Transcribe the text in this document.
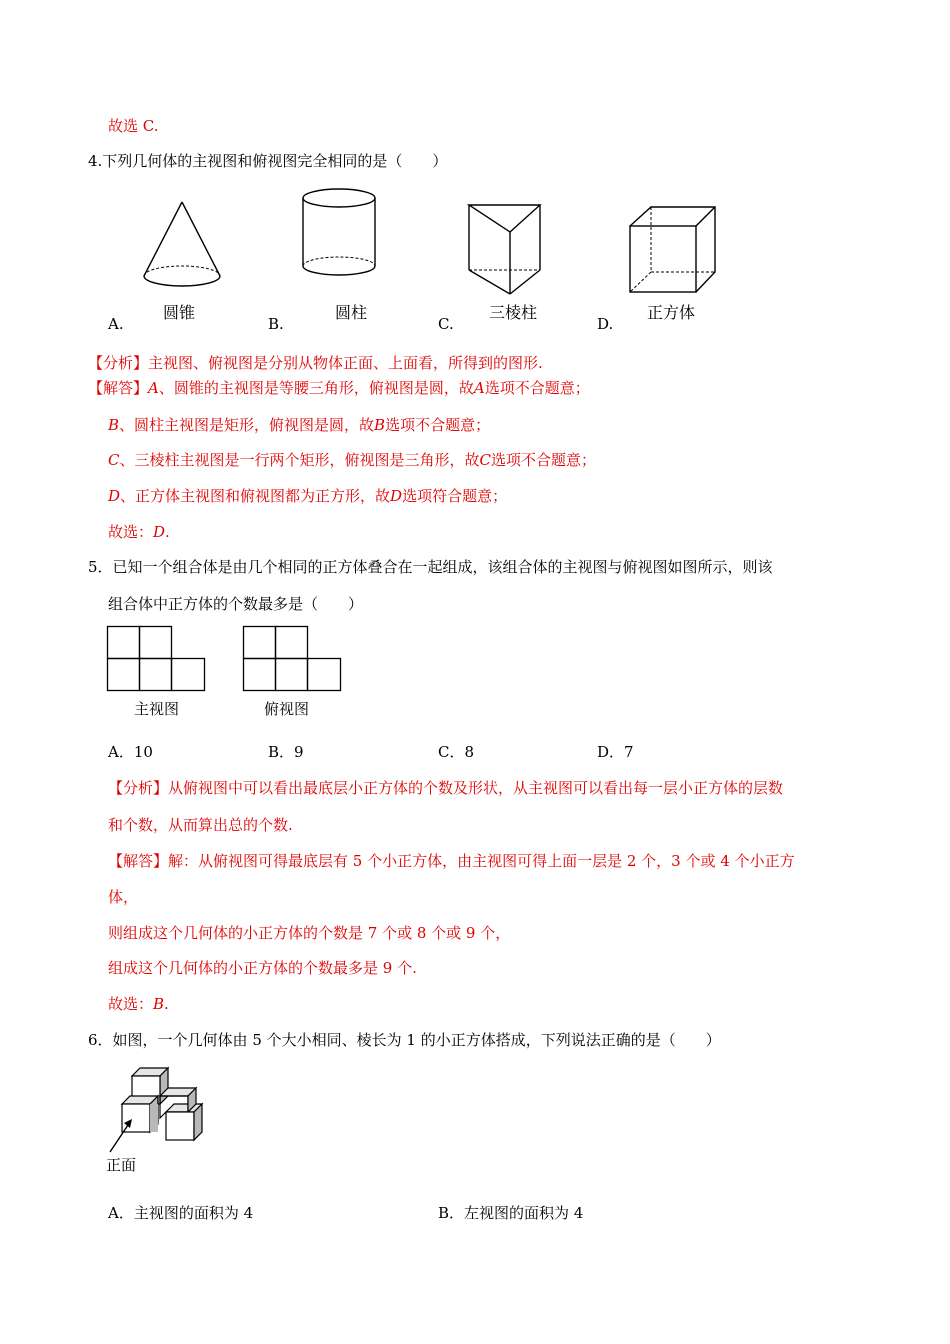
故选 C.
4.下列几何体的主视图和俯视图完全相同的是（　　）
圆锥
A.
圆柱
B.
三棱柱
C.
正方体
D.
【分析】主视图、俯视图是分别从物体正面、上面看，所得到的图形.
【解答】A、圆锥的主视图是等腰三角形，俯视图是圆，故A选项不合题意；
B、圆柱主视图是矩形，俯视图是圆，故B选项不合题意；
C、三棱柱主视图是一行两个矩形，俯视图是三角形，故C选项不合题意；
D、正方体主视图和俯视图都为正方形，故D选项符合题意；
故选：D.
5．已知一个组合体是由几个相同的正方体叠合在一起组成，该组合体的主视图与俯视图如图所示，则该
组合体中正方体的个数最多是（　　）
主视图	俯视图
A．10	B．9	C．8	D．7
【分析】从俯视图中可以看出最底层小正方体的个数及形状，从主视图可以看出每一层小正方体的层数
和个数，从而算出总的个数.
【解答】解：从俯视图可得最底层有 5 个小正方体，由主视图可得上面一层是 2 个，3 个或 4 个小正方
体，
则组成这个几何体的小正方体的个数是 7 个或 8 个或 9 个，
组成这个几何体的小正方体的个数最多是 9 个.
故选：B.
6．如图，一个几何体由 5 个大小相同、棱长为 1 的小正方体搭成，下列说法正确的是（　　）
正面
A．主视图的面积为 4	B．左视图的面积为 4
